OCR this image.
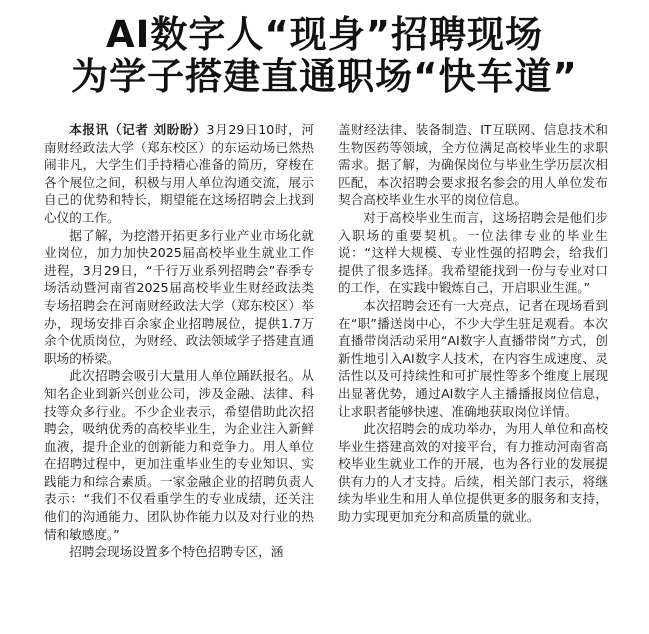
AI数字人“现身”招聘现场
为学子搭建直通职场“快车道”

本报讯（记者 刘盼盼）3月29日10时，河南财经政法大学（郑东校区）的东运动场已然热闹非凡，大学生们手持精心准备的简历，穿梭在各个展位之间，积极与用人单位沟通交流，展示自己的优势和特长，期望能在这场招聘会上找到心仪的工作。

据了解，为挖潜开拓更多行业产业市场化就业岗位，加力加快2025届高校毕业生就业工作进程，3月29日，“千行万业系列招聘会”春季专场活动暨河南省2025届高校毕业生财经政法类专场招聘会在河南财经政法大学（郑东校区）举办，现场安排百余家企业招聘展位，提供1.7万余个优质岗位，为财经、政法领域学子搭建直通职场的桥梁。

此次招聘会吸引大量用人单位踊跃报名。从知名企业到新兴创业公司，涉及金融、法律、科技等众多行业。不少企业表示，希望借助此次招聘会，吸纳优秀的高校毕业生，为企业注入新鲜血液，提升企业的创新能力和竞争力。用人单位在招聘过程中，更加注重毕业生的专业知识、实践能力和综合素质。一家金融企业的招聘负责人表示：“我们不仅看重学生的专业成绩，还关注他们的沟通能力、团队协作能力以及对行业的热情和敏感度。”

招聘会现场设置多个特色招聘专区，涵

盖财经法律、装备制造、IT互联网、信息技术和生物医药等领域，全方位满足高校毕业生的求职需求。据了解，为确保岗位与毕业生学历层次相匹配，本次招聘会要求报名参会的用人单位发布契合高校毕业生水平的岗位信息。

对于高校毕业生而言，这场招聘会是他们步入职场的重要契机。一位法律专业的毕业生说：“这样大规模、专业性强的招聘会，给我们提供了很多选择。我希望能找到一份与专业对口的工作，在实践中锻炼自己，开启职业生涯。”

本次招聘会还有一大亮点，记者在现场看到在“职”播送岗中心，不少大学生驻足观看。本次直播带岗活动采用“AI数字人直播带岗”方式，创新性地引入AI数字人技术，在内容生成速度、灵活性以及可持续性和可扩展性等多个维度上展现出显著优势，通过AI数字人主播播报岗位信息，让求职者能够快速、准确地获取岗位详情。

此次招聘会的成功举办，为用人单位和高校毕业生搭建高效的对接平台，有力推动河南省高校毕业生就业工作的开展，也为各行业的发展提供有力的人才支持。后续，相关部门表示，将继续为毕业生和用人单位提供更多的服务和支持，助力实现更加充分和高质量的就业。
